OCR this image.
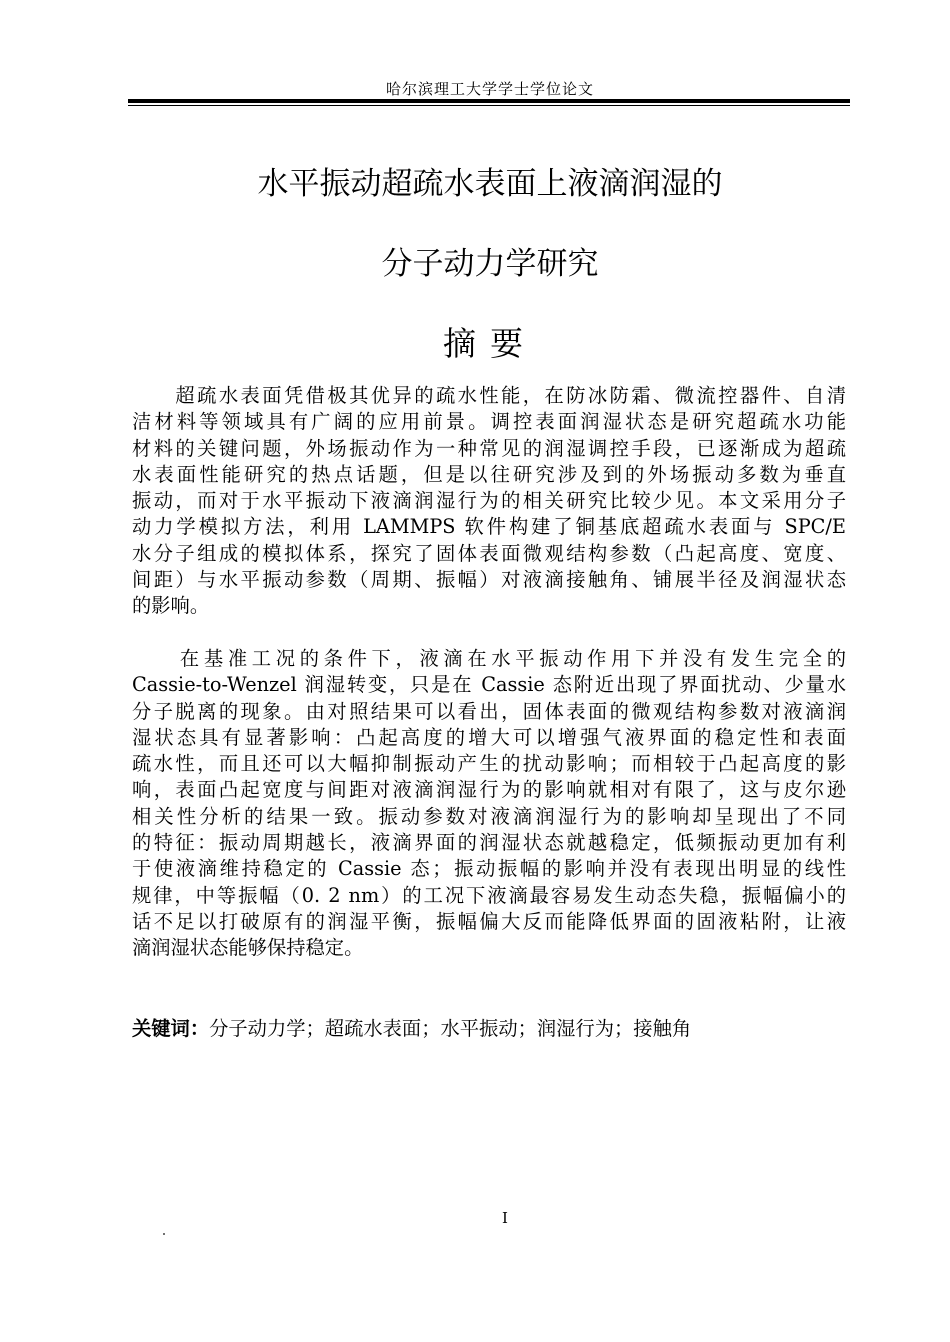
哈尔滨理工大学学士学位论文
水平振动超疏水表面上液滴润湿的
分子动力学研究
摘要
　　超疏水表面凭借极其优异的疏水性能，在防冰防霜、微流控器件、自清
洁材料等领域具有广阔的应用前景。调控表面润湿状态是研究超疏水功能
材料的关键问题，外场振动作为一种常见的润湿调控手段，已逐渐成为超疏
水表面性能研究的热点话题，但是以往研究涉及到的外场振动多数为垂直
振动，而对于水平振动下液滴润湿行为的相关研究比较少见。本文采用分子
动力学模拟方法，利用 LAMMPS 软件构建了铜基底超疏水表面与 SPC/E
水分子组成的模拟体系，探究了固体表面微观结构参数（凸起高度、宽度、
间距）与水平振动参数（周期、振幅）对液滴接触角、铺展半径及润湿状态
的影响。
　　在基准工况的条件下，液滴在水平振动作用下并没有发生完全的
Cassie-to-Wenzel 润湿转变，只是在 Cassie 态附近出现了界面扰动、少量水
分子脱离的现象。由对照结果可以看出，固体表面的微观结构参数对液滴润
湿状态具有显著影响：凸起高度的增大可以增强气液界面的稳定性和表面
疏水性，而且还可以大幅抑制振动产生的扰动影响；而相较于凸起高度的影
响，表面凸起宽度与间距对液滴润湿行为的影响就相对有限了，这与皮尔逊
相关性分析的结果一致。振动参数对液滴润湿行为的影响却呈现出了不同
的特征：振动周期越长，液滴界面的润湿状态就越稳定，低频振动更加有利
于使液滴维持稳定的 Cassie 态；振动振幅的影响并没有表现出明显的线性
规律，中等振幅（0. 2 nm）的工况下液滴最容易发生动态失稳，振幅偏小的
话不足以打破原有的润湿平衡，振幅偏大反而能降低界面的固液粘附，让液
滴润湿状态能够保持稳定。
关键词：分子动力学；超疏水表面；水平振动；润湿行为；接触角
I
